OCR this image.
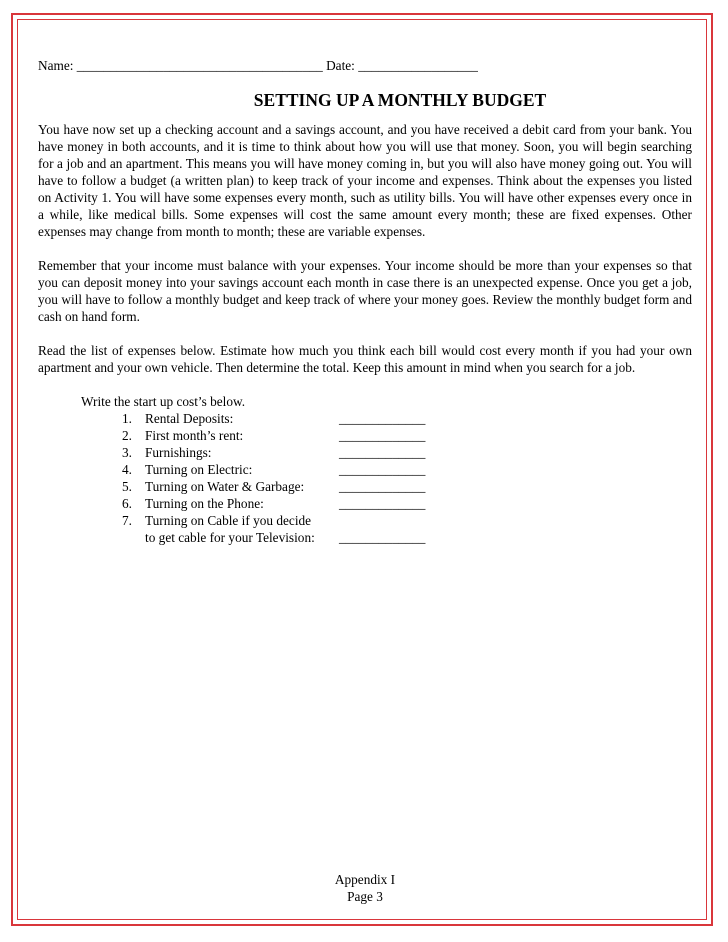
Name: _____________________________________ Date: __________________
SETTING UP A MONTHLY BUDGET

You have now set up a checking account and a savings account, and you have received a debit card from your bank. You have money in both accounts, and it is time to think about how you will use that money. Soon, you will begin searching for a job and an apartment. This means you will have money coming in, but you will also have money going out. You will have to follow a budget (a written plan) to keep track of your income and expenses. Think about the expenses you listed on Activity 1. You will have some expenses every month, such as utility bills. You will have other expenses every once in a while, like medical bills. Some expenses will cost the same amount every month; these are fixed expenses. Other expenses may change from month to month; these are variable expenses.

Remember that your income must balance with your expenses. Your income should be more than your expenses so that you can deposit money into your savings account each month in case there is an unexpected expense. Once you get a job, you will have to follow a monthly budget and keep track of where your money goes. Review the monthly budget form and cash on hand form.

Read the list of expenses below. Estimate how much you think each bill would cost every month if you had your own apartment and your own vehicle. Then determine the total. Keep this amount in mind when you search for a job.

Write the start up cost’s below.
1. Rental Deposits:	_____________
2. First month’s rent:	_____________
3. Furnishings:	_____________
4. Turning on Electric:	_____________
5. Turning on Water & Garbage:	_____________
6. Turning on the Phone:	_____________
7. Turning on Cable if you decide
to get cable for your Television:	_____________
Appendix I
Page 3
